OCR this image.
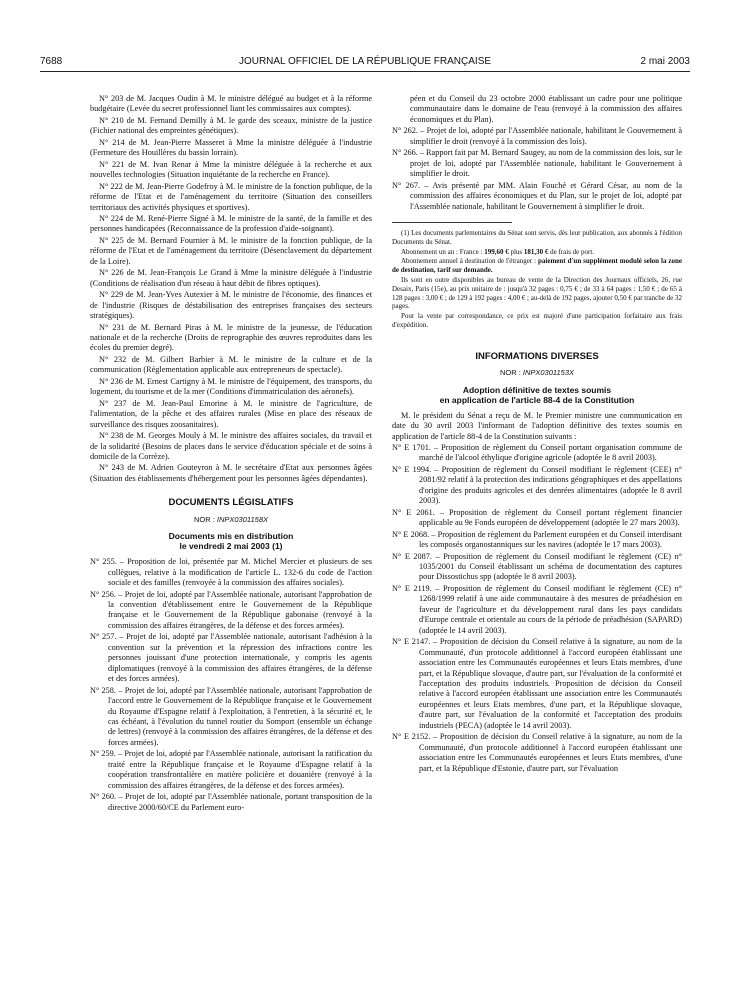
7688	JOURNAL OFFICIEL DE LA RÉPUBLIQUE FRANÇAISE	2 mai 2003

N° 203 de M. Jacques Oudin à M. le ministre délégué au budget et à la réforme budgétaire (Levée du secret professionnel liant les commissaires aux comptes).

N° 210 de M. Fernand Demilly à M. le garde des sceaux, ministre de la justice (Fichier national des empreintes génétiques).

N° 214 de M. Jean-Pierre Masseret à Mme la ministre déléguée à l'industrie (Fermeture des Houillères du bassin lorrain).

N° 221 de M. Ivan Renar à Mme la ministre déléguée à la recherche et aux nouvelles technologies (Situation inquiétante de la recherche en France).

N° 222 de M. Jean-Pierre Godefroy à M. le ministre de la fonction publique, de la réforme de l'Etat et de l'aménagement du territoire (Situation des conseillers territoriaux des activités physiques et sportives).

N° 224 de M. René-Pierre Signé à M. le ministre de la santé, de la famille et des personnes handicapées (Reconnaissance de la profession d'aide-soignant).

N° 225 de M. Bernard Fournier à M. le ministre de la fonction publique, de la réforme de l'Etat et de l'aménagement du territoire (Désenclavement du département de la Loire).

N° 226 de M. Jean-François Le Grand à Mme la ministre déléguée à l'industrie (Conditions de réalisation d'un réseau à haut débit de fibres optiques).

N° 229 de M. Jean-Yves Autexier à M. le ministre de l'économie, des finances et de l'industrie (Risques de déstabilisation des entreprises françaises des secteurs stratégiques).

N° 231 de M. Bernard Piras à M. le ministre de la jeunesse, de l'éducation nationale et de la recherche (Droits de reprographie des œuvres reproduites dans les écoles du premier degré).

N° 232 de M. Gilbert Barbier à M. le ministre de la culture et de la communication (Réglementation applicable aux entrepreneurs de spectacle).

N° 236 de M. Ernest Cartigny à M. le ministre de l'équipement, des transports, du logement, du tourisme et de la mer (Conditions d'immatriculation des aéronefs).

N° 237 de M. Jean-Paul Emorine à M. le ministre de l'agriculture, de l'alimentation, de la pêche et des affaires rurales (Mise en place des réseaux de surveillance des risques zoosanitaires).

N° 238 de M. Georges Mouly à M. le ministre des affaires sociales, du travail et de la solidarité (Besoins de places dans le service d'éducation spéciale et de soins à domicile de la Corrèze).

N° 243 de M. Adrien Gouteyron à M. le secrétaire d'Etat aux personnes âgées (Situation des établissements d'hébergement pour les personnes âgées dépendantes).

DOCUMENTS LÉGISLATIFS
NOR : INPX0301158X
Documents mis en distribution
le vendredi 2 mai 2003 (1)

N° 255. – Proposition de loi, présentée par M. Michel Mercier et plusieurs de ses collègues, relative à la modification de l'article L. 132-6 du code de l'action sociale et des familles (renvoyée à la commission des affaires sociales).

N° 256. – Projet de loi, adopté par l'Assemblée nationale, autorisant l'approbation de la convention d'établissement entre le Gouvernement de la République française et le Gouvernement de la République gabonaise (renvoyé à la commission des affaires étrangères, de la défense et des forces armées).

N° 257. – Projet de loi, adopté par l'Assemblée nationale, autorisant l'adhésion à la convention sur la prévention et la répression des infractions contre les personnes jouissant d'une protection internationale, y compris les agents diplomatiques (renvoyé à la commission des affaires étrangères, de la défense et des forces armées).

N° 258. – Projet de loi, adopté par l'Assemblée nationale, autorisant l'approbation de l'accord entre le Gouvernement de la République française et le Gouvernement du Royaume d'Espagne relatif à l'exploitation, à l'entretien, à la sécurité et, le cas échéant, à l'évolution du tunnel routier du Somport (ensemble un échange de lettres) (renvoyé à la commission des affaires étrangères, de la défense et des forces armées).

N° 259. – Projet de loi, adopté par l'Assemblée nationale, autorisant la ratification du traité entre la République française et le Royaume d'Espagne relatif à la coopération transfrontalière en matière policière et douanière (renvoyé à la commission des affaires étrangères, de la défense et des forces armées).

N° 260. – Projet de loi, adopté par l'Assemblée nationale, portant transposition de la directive 2000/60/CE du Parlement euro-

péen et du Conseil du 23 octobre 2000 établissant un cadre pour une politique communautaire dans le domaine de l'eau (renvoyé à la commission des affaires économiques et du Plan).

N° 262. – Projet de loi, adopté par l'Assemblée nationale, habilitant le Gouvernement à simplifier le droit (renvoyé à la commission des lois).

N° 266. – Rapport fait par M. Bernard Saugey, au nom de la commission des lois, sur le projet de loi, adopté par l'Assemblée nationale, habilitant le Gouvernement à simplifier le droit.

N° 267. – Avis présenté par MM. Alain Fouché et Gérard César, au nom de la commission des affaires économiques et du Plan, sur le projet de loi, adopté par l'Assemblée nationale, habilitant le Gouvernement à simplifier le droit.

(1) Les documents parlementaires du Sénat sont servis, dès leur publication, aux abonnés à l'édition Documents du Sénat.

Abonnement un an : France : 199,60 € plus 181,30 € de frais de port.

Abonnement annuel à destination de l'étranger : paiement d'un supplément modulé selon la zone de destination, tarif sur demande.

Ils sont en outre disponibles au bureau de vente de la Direction des Journaux officiels, 26, rue Desaix, Paris (15e), au prix unitaire de : jusqu'à 32 pages : 0,75 € ; de 33 à 64 pages : 1,50 € ; de 65 à 128 pages : 3,00 € ; de 129 à 192 pages : 4,00 € ; au-delà de 192 pages, ajouter 0,50 € par tranche de 32 pages.

Pour la vente par correspondance, ce prix est majoré d'une participation forfaitaire aux frais d'expédition.

INFORMATIONS DIVERSES
NOR : INPX0301153X
Adoption définitive de textes soumis
en application de l'article 88-4 de la Constitution

M. le président du Sénat a reçu de M. le Premier ministre une communication en date du 30 avril 2003 l'informant de l'adoption définitive des textes soumis en application de l'article 88-4 de la Constitution suivants :

N° E 1701. – Proposition de règlement du Conseil portant organisation commune de marché de l'alcool éthylique d'origine agricole (adoptée le 8 avril 2003).

N° E 1994. – Proposition de règlement du Conseil modifiant le règlement (CEE) n° 2081/92 relatif à la protection des indications géographiques et des appellations d'origine des produits agricoles et des denrées alimentaires (adoptée le 8 avril 2003).

N° E 2061. – Proposition de règlement du Conseil portant règlement financier applicable au 9e Fonds européen de développement (adoptée le 27 mars 2003).

N° E 2068. – Proposition de règlement du Parlement européen et du Conseil interdisant les composés organostanniques sur les navires (adoptée le 17 mars 2003).

N° E 2087. – Proposition de règlement du Conseil modifiant le règlement (CE) n° 1035/2001 du Conseil établissant un schéma de documentation des captures pour Dissostichus spp (adoptée le 8 avril 2003).

N° E 2119. – Proposition de règlement du Conseil modifiant le règlement (CE) n° 1268/1999 relatif à une aide communautaire à des mesures de préadhésion en faveur de l'agriculture et du développement rural dans les pays candidats d'Europe centrale et orientale au cours de la période de préadhésion (SAPARD) (adoptée le 14 avril 2003).

N° E 2147. – Proposition de décision du Conseil relative à la signature, au nom de la Communauté, d'un protocole additionnel à l'accord européen établissant une association entre les Communautés européennes et leurs Etats membres, d'une part, et la République slovaque, d'autre part, sur l'évaluation de la conformité et l'acceptation des produits industriels. Proposition de décision du Conseil relative à l'accord européen établissant une association entre les Communautés européennes et leurs Etats membres, d'une part, et la République slovaque, d'autre part, sur l'évaluation de la conformité et l'acceptation des produits industriels (PECA) (adoptée le 14 avril 2003).

N° E 2152. – Proposition de décision du Conseil relative à la signature, au nom de la Communauté, d'un protocole additionnel à l'accord européen établissant une association entre les Communautés européennes et leurs Etats membres, d'une part, et la République d'Estonie, d'autre part, sur l'évaluation
